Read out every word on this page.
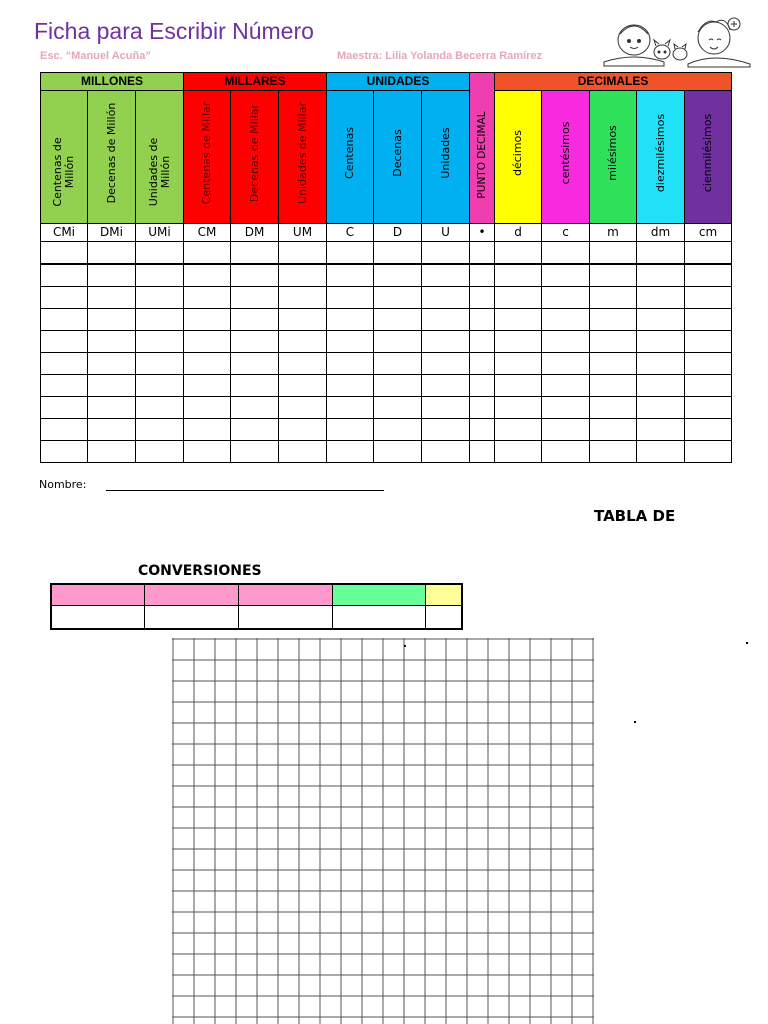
Ficha para Escribir Número
Esc. “Manuel Acuña”	Maestra: Lilia Yolanda Becerra Ramírez
MILLONES			MILLARES			UNIDADES			PUNTO DECIMAL	DECIMALES				

Centenas de Millón	Decenas de Millón	Unidades de Millón	Centenas de Millar	Decenas de Millar	Unidades de Millar	Centenas	Decenas	Unidades		décimos	centésimos	milésimos	diezmilésimos	cienmilésimos

CMi	DMi	UMi	CM	DM	UM	C	D	U	•	d	c	m	dm	cm

Nombre:
TABLA DE
CONVERSIONES
